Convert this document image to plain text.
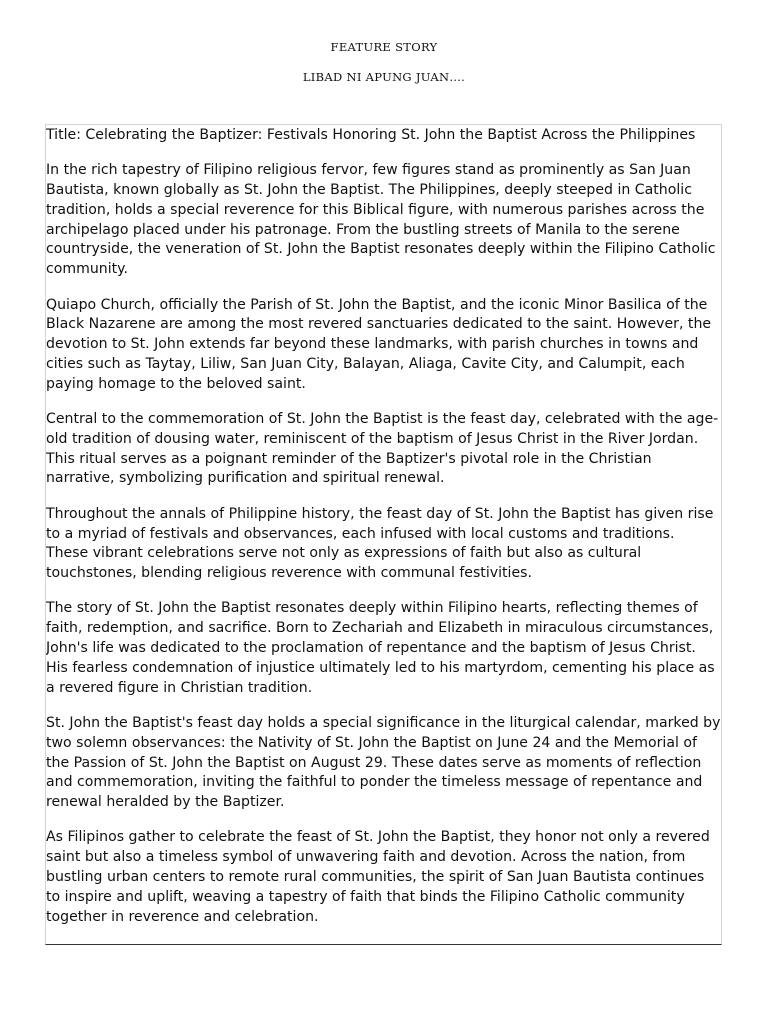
FEATURE STORY
LIBAD NI APUNG JUAN….

Title: Celebrating the Baptizer: Festivals Honoring St. John the Baptist Across the Philippines

In the rich tapestry of Filipino religious fervor, few figures stand as prominently as San Juan Bautista, known globally as St. John the Baptist. The Philippines, deeply steeped in Catholic tradition, holds a special reverence for this Biblical figure, with numerous parishes across the archipelago placed under his patronage. From the bustling streets of Manila to the serene countryside, the veneration of St. John the Baptist resonates deeply within the Filipino Catholic community.

Quiapo Church, officially the Parish of St. John the Baptist, and the iconic Minor Basilica of the Black Nazarene are among the most revered sanctuaries dedicated to the saint. However, the devotion to St. John extends far beyond these landmarks, with parish churches in towns and cities such as Taytay, Liliw, San Juan City, Balayan, Aliaga, Cavite City, and Calumpit, each paying homage to the beloved saint.

Central to the commemoration of St. John the Baptist is the feast day, celebrated with the age-old tradition of dousing water, reminiscent of the baptism of Jesus Christ in the River Jordan. This ritual serves as a poignant reminder of the Baptizer's pivotal role in the Christian narrative, symbolizing purification and spiritual renewal.

Throughout the annals of Philippine history, the feast day of St. John the Baptist has given rise to a myriad of festivals and observances, each infused with local customs and traditions. These vibrant celebrations serve not only as expressions of faith but also as cultural touchstones, blending religious reverence with communal festivities.

The story of St. John the Baptist resonates deeply within Filipino hearts, reflecting themes of faith, redemption, and sacrifice. Born to Zechariah and Elizabeth in miraculous circumstances, John's life was dedicated to the proclamation of repentance and the baptism of Jesus Christ. His fearless condemnation of injustice ultimately led to his martyrdom, cementing his place as a revered figure in Christian tradition.

St. John the Baptist's feast day holds a special significance in the liturgical calendar, marked by two solemn observances: the Nativity of St. John the Baptist on June 24 and the Memorial of the Passion of St. John the Baptist on August 29. These dates serve as moments of reflection and commemoration, inviting the faithful to ponder the timeless message of repentance and renewal heralded by the Baptizer.

As Filipinos gather to celebrate the feast of St. John the Baptist, they honor not only a revered saint but also a timeless symbol of unwavering faith and devotion. Across the nation, from bustling urban centers to remote rural communities, the spirit of San Juan Bautista continues to inspire and uplift, weaving a tapestry of faith that binds the Filipino Catholic community together in reverence and celebration.
